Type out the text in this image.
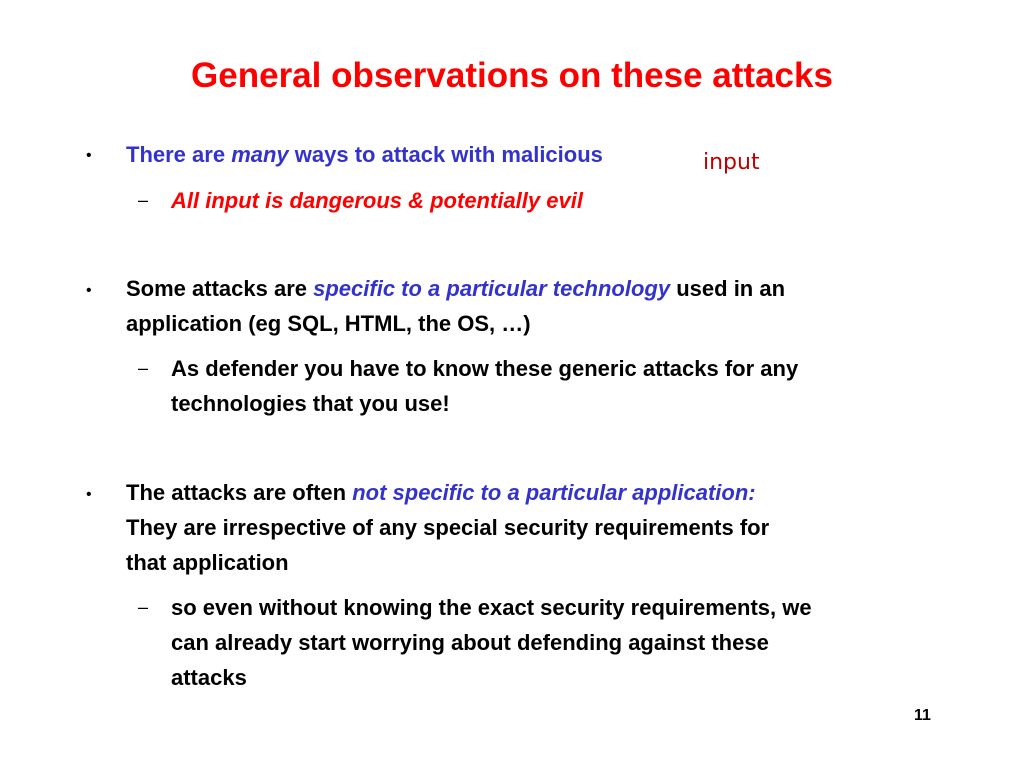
General observations on these attacks
• There are many ways to attack with malicious	input
– All input is dangerous & potentially evil
• Some attacks are specific to a particular technology used in an
application (eg SQL, HTML, the OS, …)
– As defender you have to know these generic attacks for any
technologies that you use!
• The attacks are often not specific to a particular application:
They are irrespective of any special security requirements for
that application
– so even without knowing the exact security requirements, we
can already start worrying about defending against these
attacks
11
